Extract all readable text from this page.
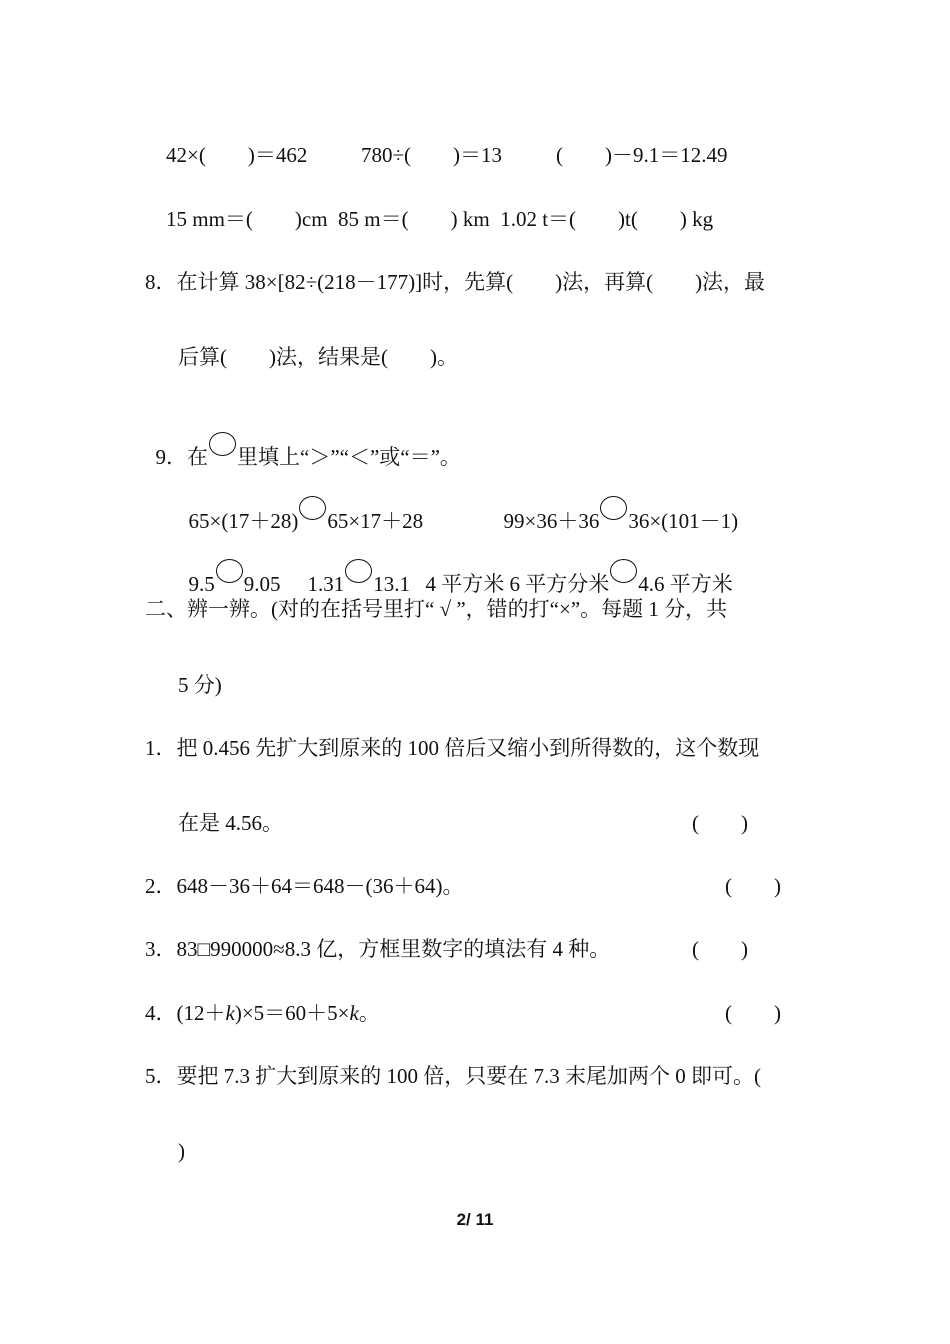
42×(　　)＝462	780÷(　　)＝13	(　　)－9.1＝12.49
15 mm＝(　　)cm  85 m＝(　　) km  1.02 t＝(　　)t(　　) kg
8．在计算 38×[82÷(218－177)]时，先算(　　)法，再算(　　)法，最
后算(　　)法，结果是(　　)。

9．在 里填上“＞”“＜”或“＝”。

65×(17＋28) 65×17＋28	99×36＋36 36×(101－1)

9.5 9.05	1.31 13.1 4 平方米 6 平方分米 4.6 平方米

二、辨一辨。(对的在括号里打“ √ ”，错的打“×”。每题 1 分，共
5 分)
1．把 0.456 先扩大到原来的 100 倍后又缩小到所得数的，这个数现
在是 4.56。	(　　)
2．648－36＋64＝648－(36＋64)。	(　　)
3．83□990000≈8.3 亿，方框里数字的填法有 4 种。	(　　)
4．(12＋k)×5＝60＋5×k。	(　　)
5．要把 7.3 扩大到原来的 100 倍，只要在 7.3 末尾加两个 0 即可。(
)
2/ 11
